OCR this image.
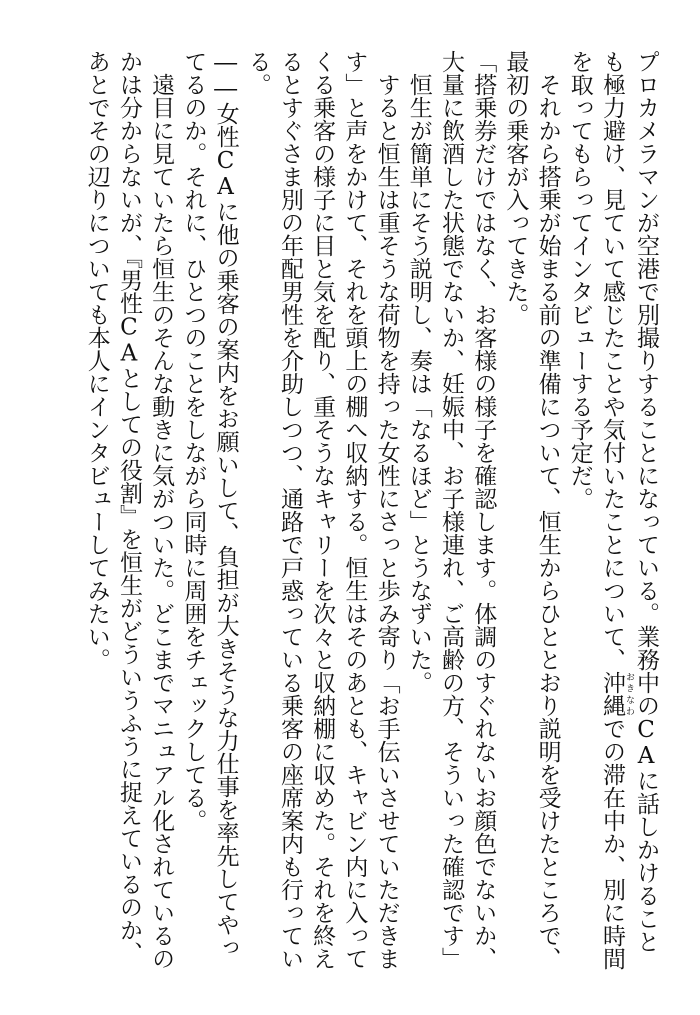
プロカメラマンが空港で別撮りすることになっている。業務中のCAに話しかけることも極力避け、見ていて感じたことや気付いたことについて、沖縄 おきなわでの滞在中か、別に時間を取ってもらってインタビューする予定だ。

　それから搭乗が始まる前の準備について、恒生からひととおり説明を受けたところで、最初の乗客が入ってきた。

「搭乗券だけではなく、お客様の様子を確認します。体調のすぐれないお顔色でないか、大量に飲酒した状態でないか、妊娠中、お子様連れ、ご高齢の方、そういった確認です」

　恒生が簡単にそう説明し、奏は「なるほど」とうなずいた。

　すると恒生は重そうな荷物を持った女性にさっと歩み寄り「お手伝いさせていただきます」と声をかけて、それを頭上の棚へ収納する。恒生はそのあとも、キャビン内に入ってくる乗客の様子に目と気を配り、重そうなキャリーを次々と収納棚に収めた。それを終えるとすぐさま別の年配男性を介助しつつ、通路で戸惑っている乗客の座席案内も行っている。

――女性CAに他の乗客の案内をお願いして、負担が大きそうな力仕事を率先してやってるのか。それに、ひとつのことをしながら同時に周囲をチェックしてる。

　遠目に見ていたら恒生のそんな動きに気がついた。どこまでマニュアル化されているのかは分からないが、『男性CAとしての役割』を恒生がどういうふうに捉えているのか、あとでその辺りについても本人にインタビューしてみたい。
